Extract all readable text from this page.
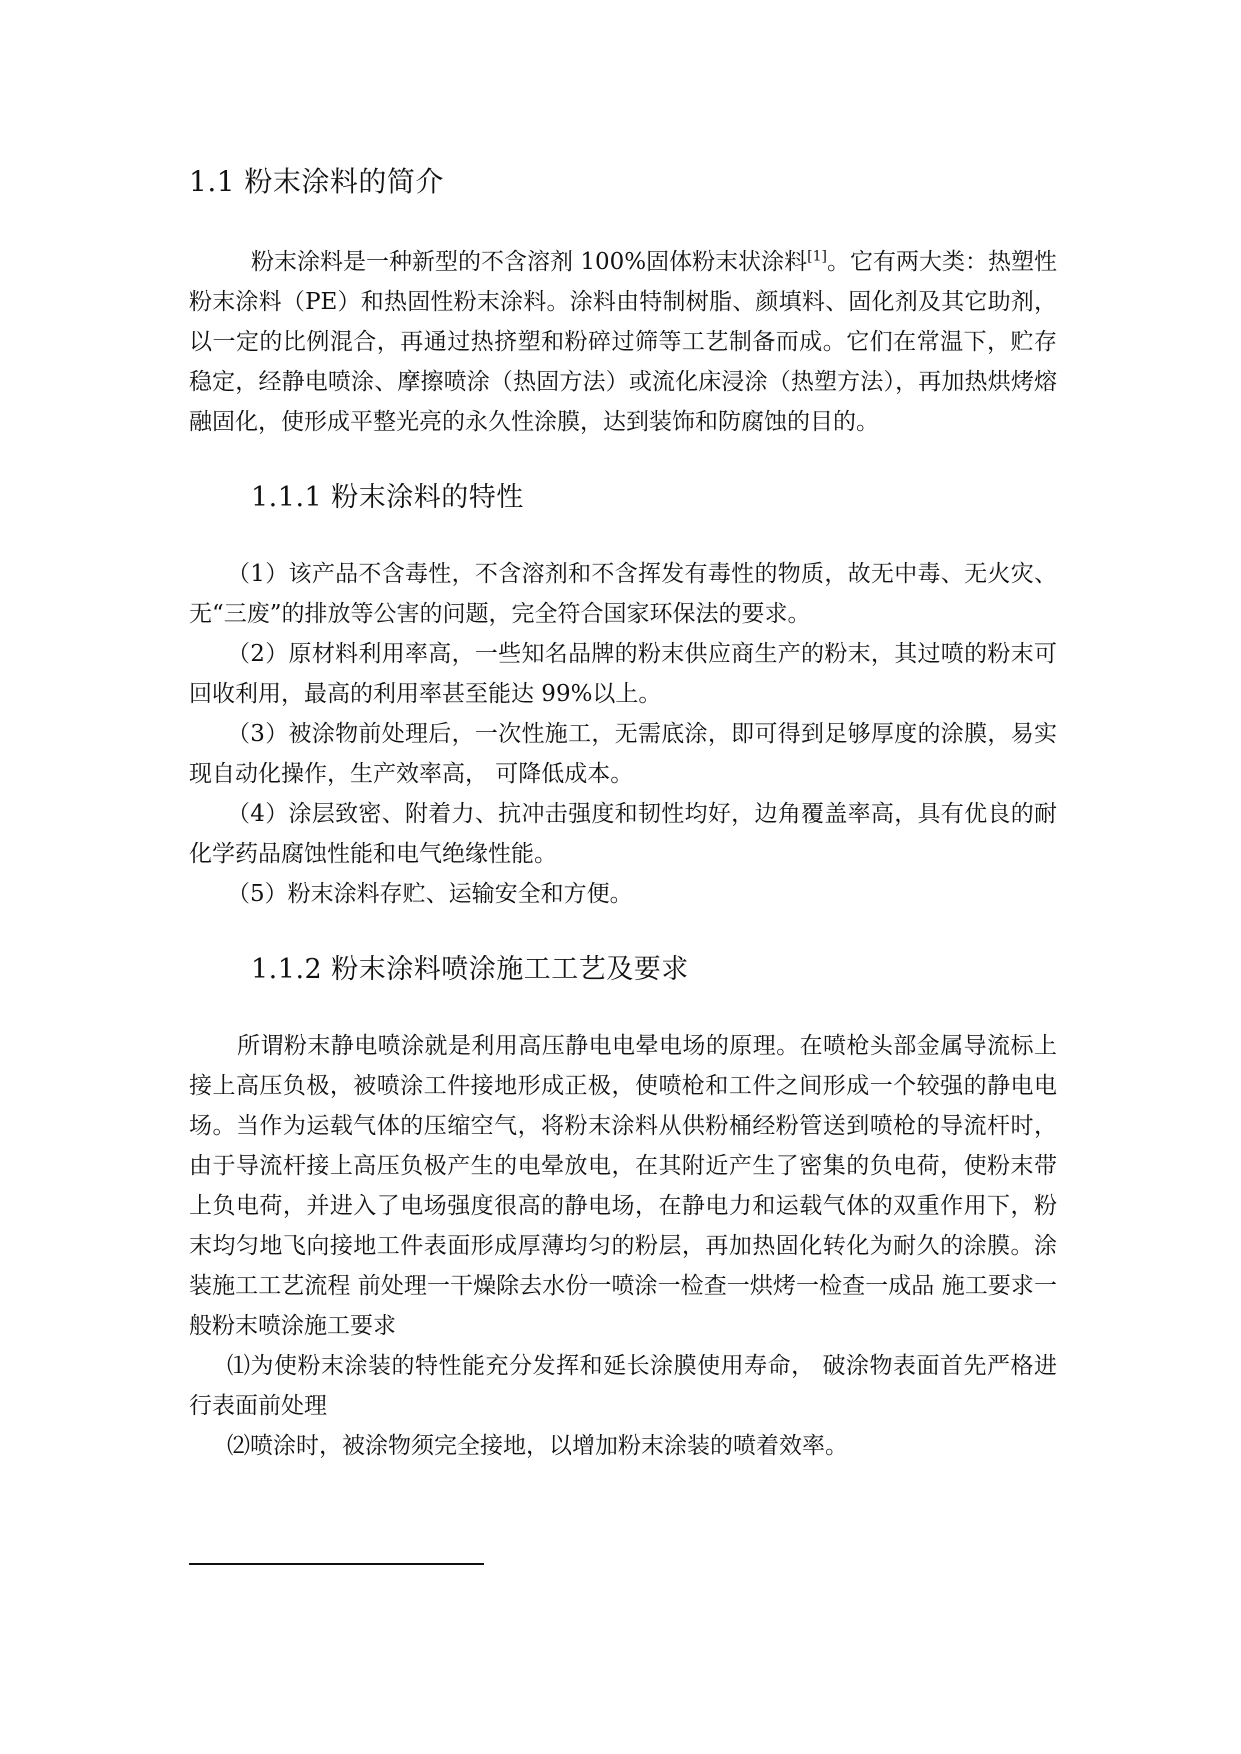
1.1 粉末涂料的简介

粉末涂料是一种新型的不含溶剂 100%固体粉末状涂料[1]。它有两大类：热塑性粉末涂料（PE）和热固性粉末涂料。涂料由特制树脂、颜填料、固化剂及其它助剂，以一定的比例混合，再通过热挤塑和粉碎过筛等工艺制备而成。它们在常温下，贮存稳定，经静电喷涂、摩擦喷涂（热固方法）或流化床浸涂（热塑方法），再加热烘烤熔融固化，使形成平整光亮的永久性涂膜，达到装饰和防腐蚀的目的。

1.1.1 粉末涂料的特性

（1）该产品不含毒性，不含溶剂和不含挥发有毒性的物质，故无中毒、无火灾、无“三废”的排放等公害的问题，完全符合国家环保法的要求。

（2）原材料利用率高，一些知名品牌的粉末供应商生产的粉末，其过喷的粉末可回收利用，最高的利用率甚至能达 99%以上。

（3）被涂物前处理后，一次性施工，无需底涂，即可得到足够厚度的涂膜，易实现自动化操作，生产效率高， 可降低成本。

（4）涂层致密、附着力、抗冲击强度和韧性均好，边角覆盖率高，具有优良的耐化学药品腐蚀性能和电气绝缘性能。

（5）粉末涂料存贮、运输安全和方便。

1.1.2 粉末涂料喷涂施工工艺及要求

所谓粉末静电喷涂就是利用高压静电电晕电场的原理。在喷枪头部金属导流标上接上高压负极，被喷涂工件接地形成正极，使喷枪和工件之间形成一个较强的静电电场。当作为运载气体的压缩空气，将粉末涂料从供粉桶经粉管送到喷枪的导流杆时，由于导流杆接上高压负极产生的电晕放电，在其附近产生了密集的负电荷，使粉末带上负电荷，并进入了电场强度很高的静电场，在静电力和运载气体的双重作用下，粉末均匀地飞向接地工件表面形成厚薄均匀的粉层，再加热固化转化为耐久的涂膜。涂装施工工艺流程 前处理一干燥除去水份一喷涂一检查一烘烤一检查一成品 施工要求一般粉末喷涂施工要求

⑴为使粉末涂装的特性能充分发挥和延长涂膜使用寿命， 破涂物表面首先严格进行表面前处理

⑵喷涂时，被涂物须完全接地，以增加粉末涂装的喷着效率。
